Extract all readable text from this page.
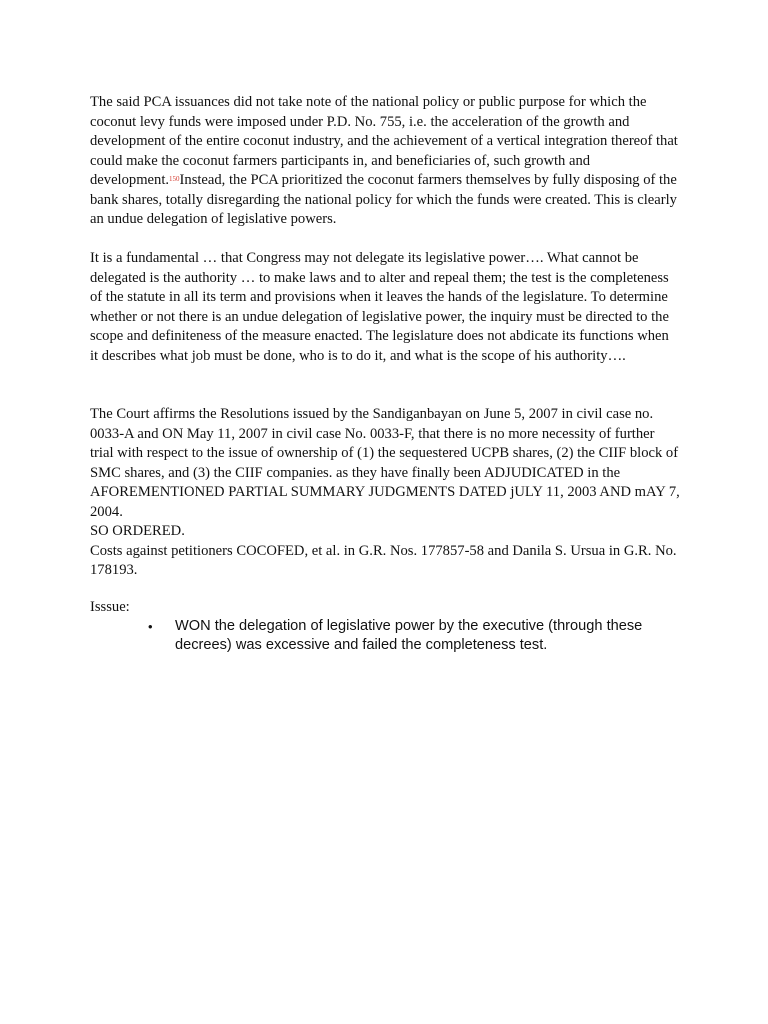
The said PCA issuances did not take note of the national policy or public purpose for which the coconut levy funds were imposed under P.D. No. 755, i.e. the acceleration of the growth and development of the entire coconut industry, and the achievement of a vertical integration thereof that could make the coconut farmers participants in, and beneficiaries of, such growth and development.$^{150}$Instead, the PCA prioritized the coconut farmers themselves by fully disposing of the bank shares, totally disregarding the national policy for which the funds were created. This is clearly an undue delegation of legislative powers.

It is a fundamental … that Congress may not delegate its legislative power…. What cannot be delegated is the authority … to make laws and to alter and repeal them; the test is the completeness of the statute in all its term and provisions when it leaves the hands of the legislature. To determine whether or not there is an undue delegation of legislative power, the inquiry must be directed to the scope and definiteness of the measure enacted. The legislature does not abdicate its functions when it describes what job must be done, who is to do it, and what is the scope of his authority….

The Court affirms the Resolutions issued by the Sandiganbayan on June 5, 2007 in civil case no. 0033-A and ON May 11, 2007 in civil case No. 0033-F, that there is no more necessity of further trial with respect to the issue of ownership of (1) the sequestered UCPB shares, (2) the CIIF block of SMC shares, and (3) the CIIF companies. as they have finally been ADJUDICATED in the AFOREMENTIONED PARTIAL SUMMARY JUDGMENTS DATED jULY 11, 2003 AND mAY 7, 2004.
SO ORDERED.
Costs against petitioners COCOFED, et al. in G.R. Nos. 177857-58 and Danila S. Ursua in G.R. No. 178193.
Isssue:
•	WON the delegation of legislative power by the executive (through these decrees) was excessive and failed the completeness test.
